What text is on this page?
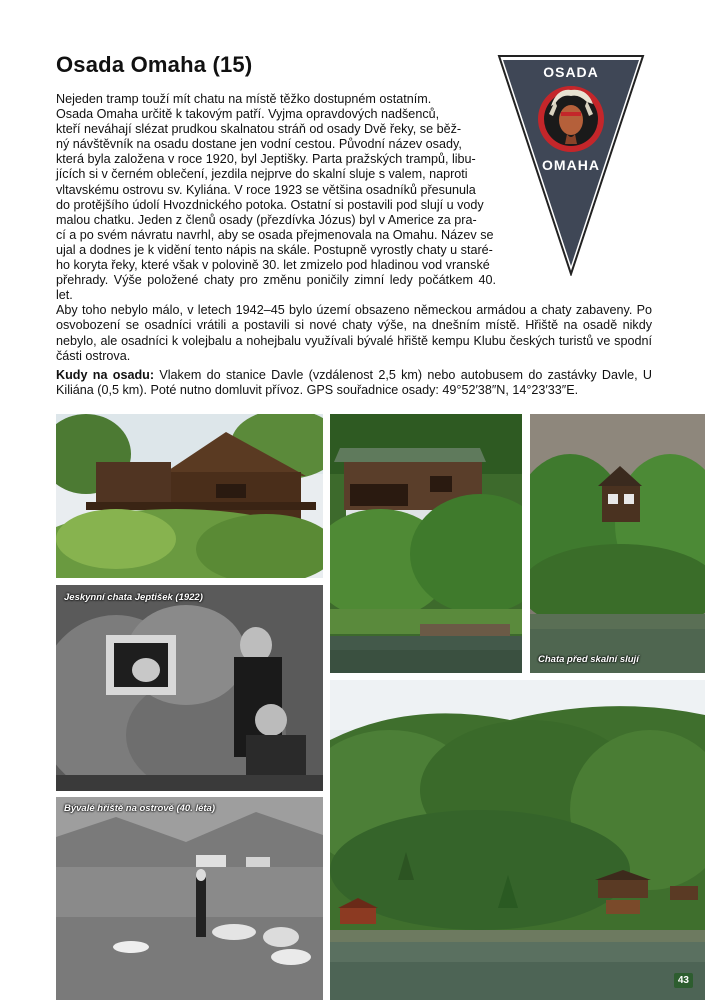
Osada Omaha (15)	OSADA
OMAHA
Nejeden tramp touží mít chatu na místě těžko dostupném ostatním.
Osada Omaha určitě k takovým patří. Vyjma opravdových nadšenců,
kteří neváhají slézat prudkou skalnatou stráň od osady Dvě řeky, se běž-
ný návštěvník na osadu dostane jen vodní cestou. Původní název osady,
která byla založena v roce 1920, byl Jeptišky. Parta pražských trampů, libu-
jících si v černém oblečení, jezdila nejprve do skalní sluje s valem, naproti
vltavskému ostrovu sv. Kyliána. V roce 1923 se většina osadníků přesunula
do protějšího údolí Hvozdnického potoka. Ostatní si postavili pod slují u vody
malou chatku. Jeden z členů osady (přezdívka Józus) byl v Americe za pra-
cí a po svém návratu navrhl, aby se osada přejmenovala na Omahu. Název se
ujal a dodnes je k vidění tento nápis na skále. Postupně vyrostly chaty u staré-
ho koryta řeky, které však v polovině 30. let zmizelo pod hladinou vod vranské
přehrady. Výše položené chaty pro změnu poničily zimní ledy počátkem 40. let.

Aby toho nebylo málo, v letech 1942–45 bylo území obsazeno německou armádou a chaty zabaveny. Po osvobození se osadníci vrátili a postavili si nové chaty výše, na dnešním místě. Hřiště na osadě nikdy nebylo, ale osadníci k volejbalu a nohejbalu využívali bývalé hřiště kempu Klubu českých turistů ve spodní části ostrova.

Kudy na osadu: Vlakem do stanice Davle (vzdálenost 2,5 km) nebo autobusem do zastávky Davle, U Kiliána (0,5 km). Poté nutno domluvit přívoz. GPS souřadnice osady: 49°52′38″N, 14°23′33″E.

Chata před skalní slují
Jeskynní chata Jeptišek (1922)
Bývalé hřiště na ostrově (40. léta)
43
